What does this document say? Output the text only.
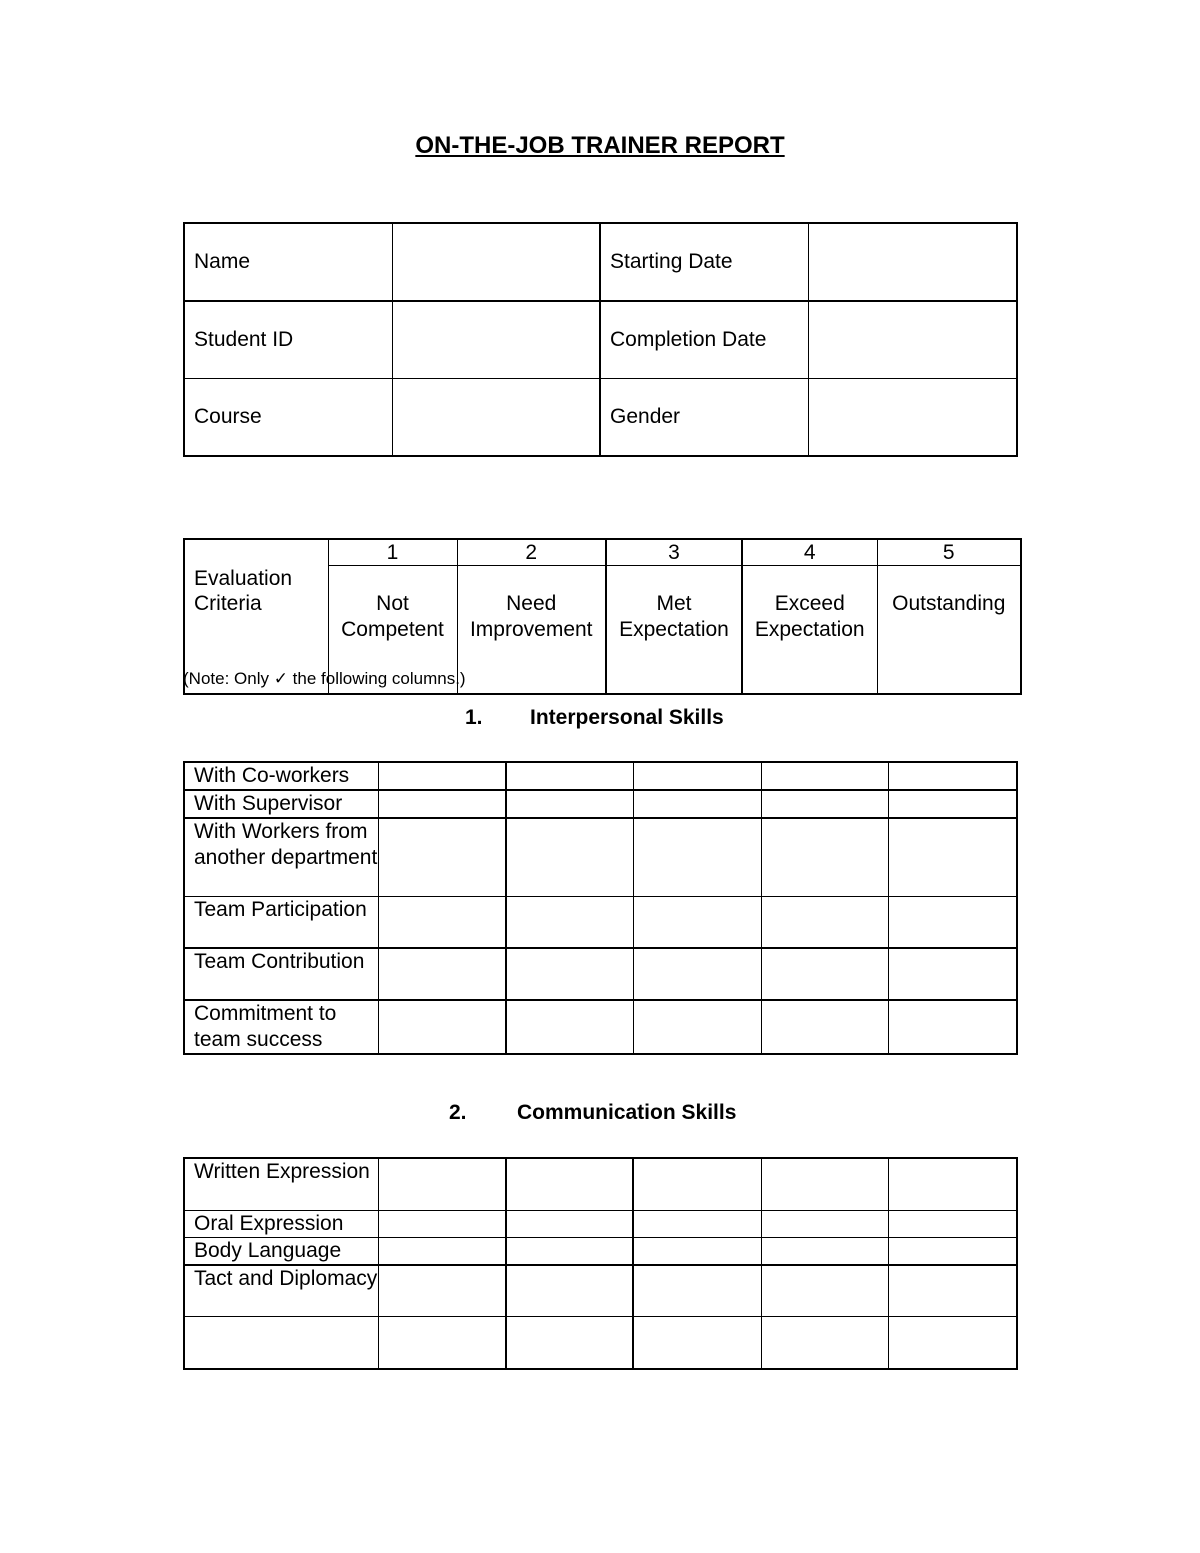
ON-THE-JOB TRAINER REPORT
Name		Starting Date	
Student ID		Completion Date	
Course		Gender	
Evaluation Criteria	1	2	3	4	5
	Not Competent	Need Improvement	Met Expectation	Exceed Expectation	Outstanding
(Note: Only ✓ the following columns.)
1. Interpersonal Skills
With Co-workers					
With Supervisor					
With Workers from another department					
Team Participation					
Team Contribution					
Commitment to team success					
2. Communication Skills
Written Expression					
Oral Expression					
Body Language					
Tact and Diplomacy					
